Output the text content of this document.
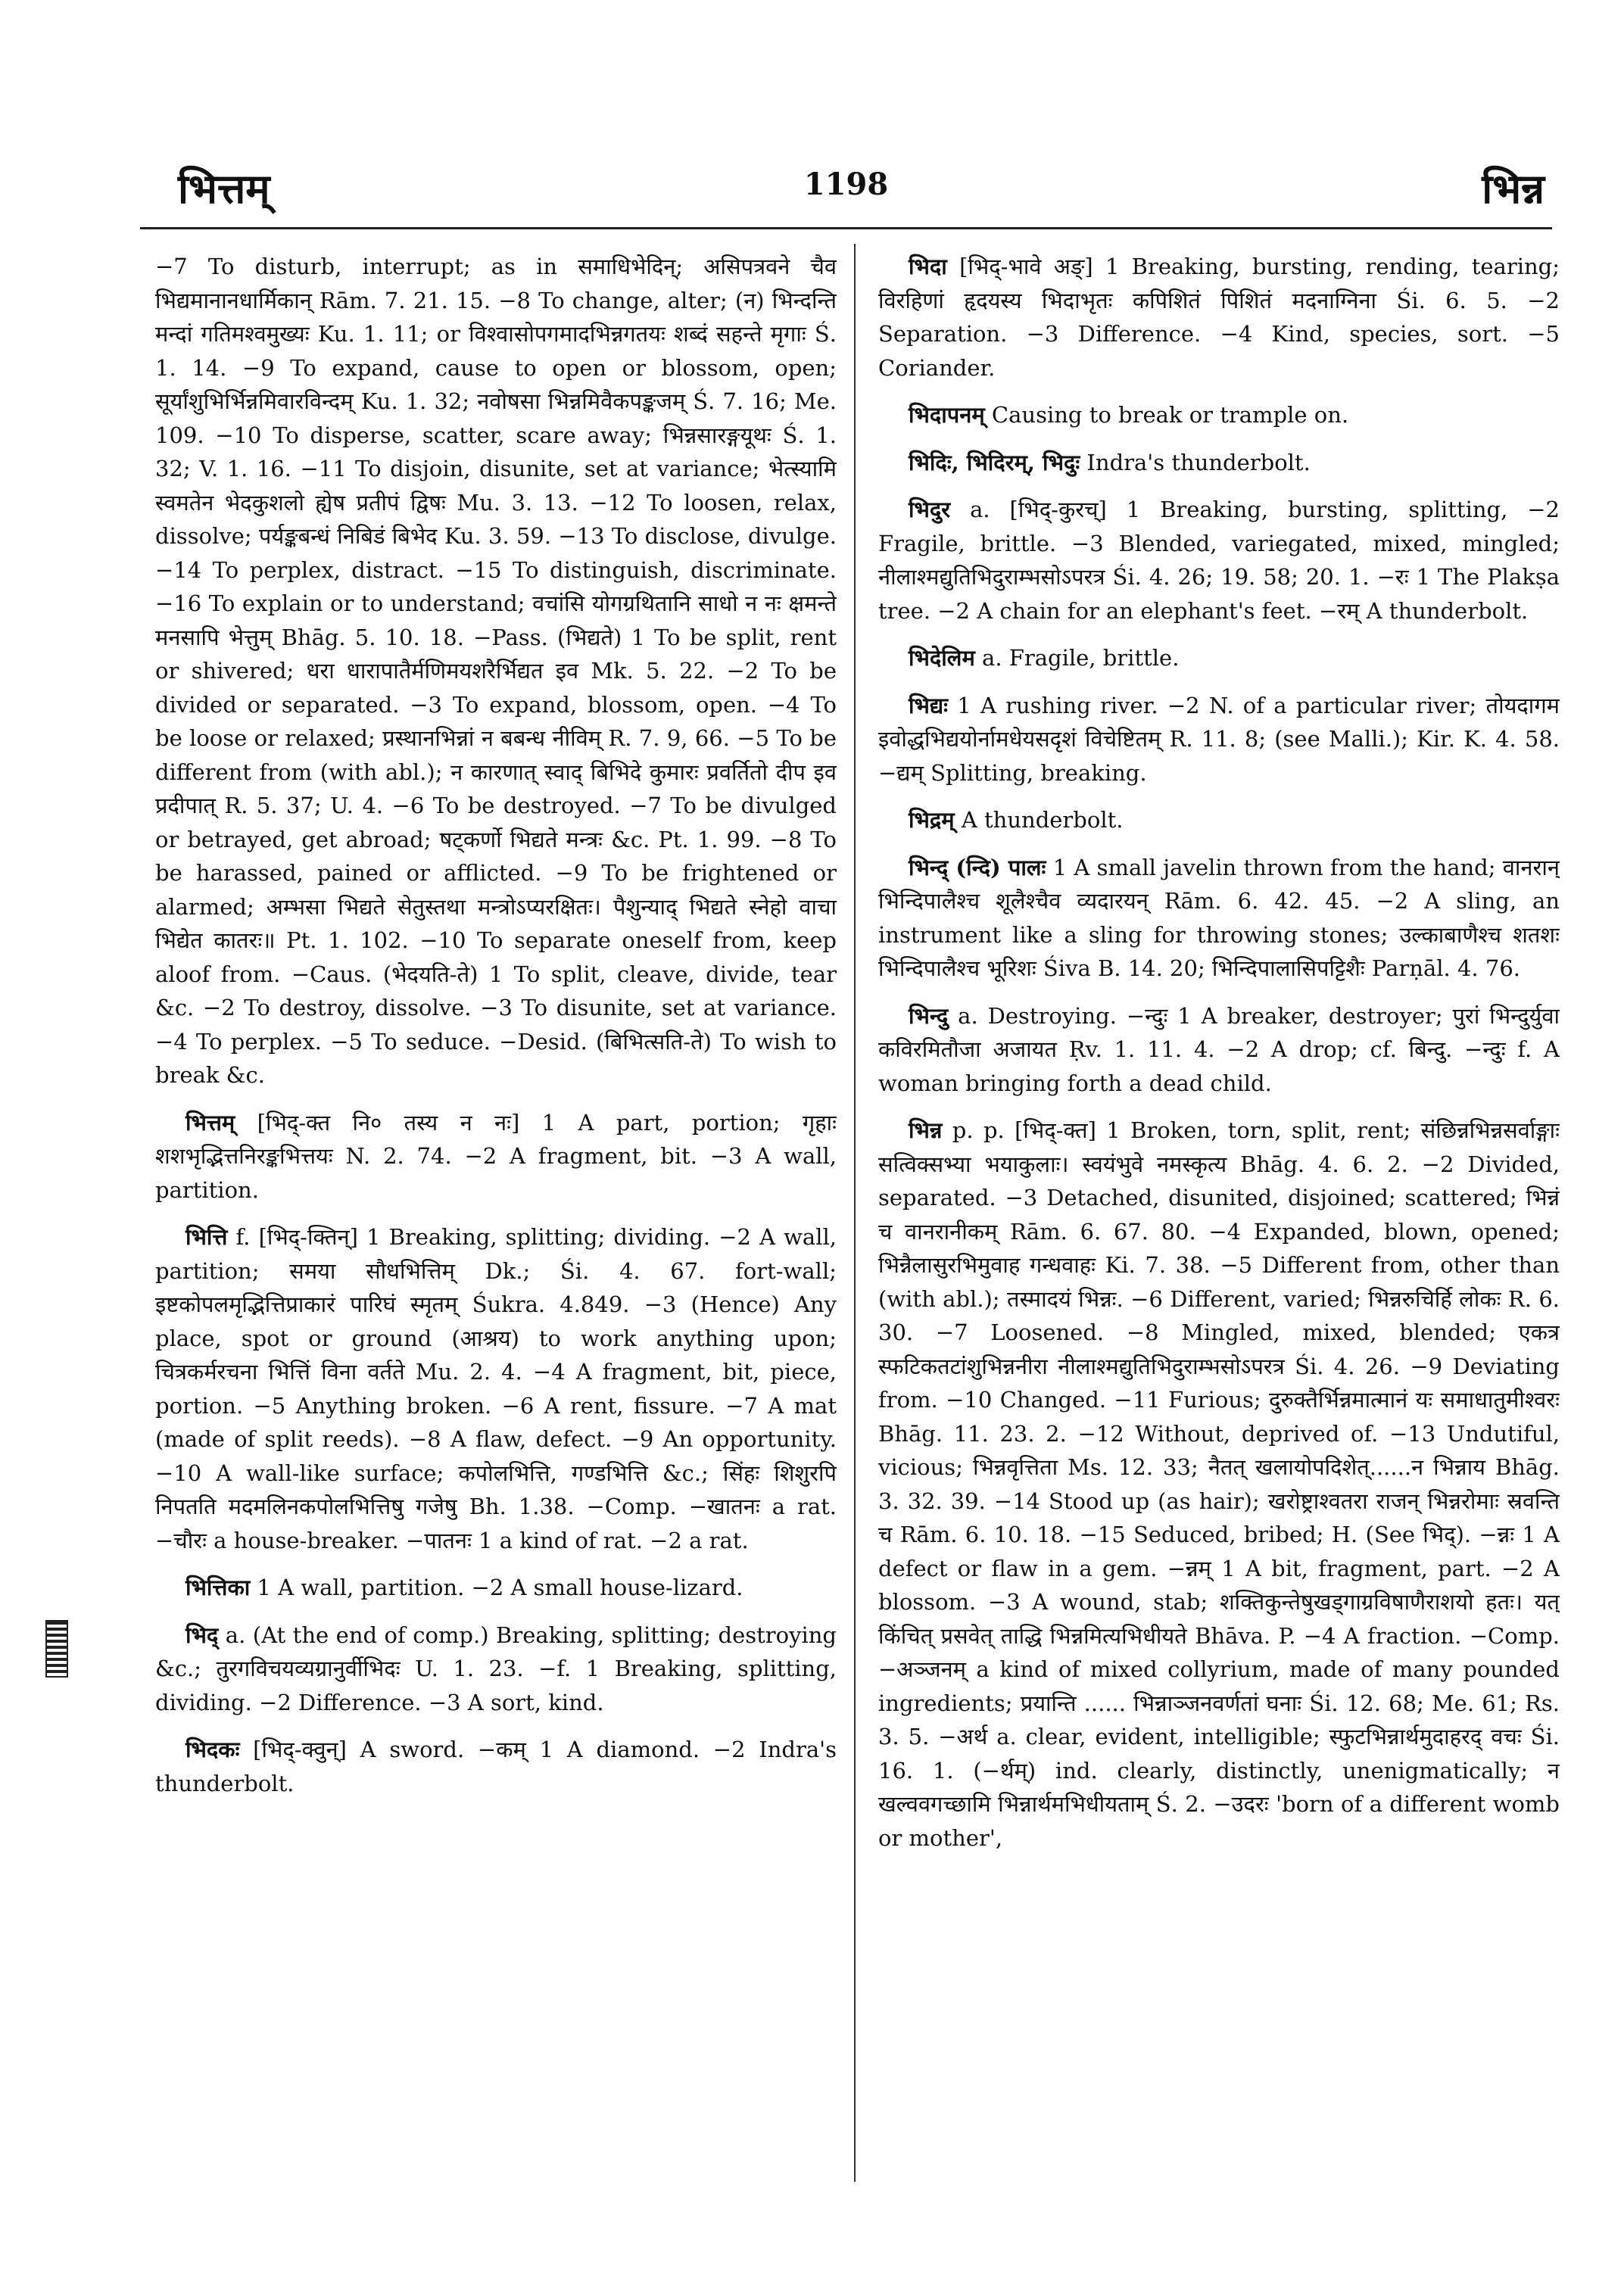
भित्तम्	1198	भिन्न

−7 To disturb, interrupt; as in समाधिभेदिन्; असिपत्रवने चैव भिद्यमानानधार्मिकान् Rām. 7. 21. 15. −8 To change, alter; (न) भिन्दन्ति मन्दां गतिमश्वमुख्यः Ku. 1. 11; or विश्वासोपगमादभिन्नगतयः शब्दं सहन्ते मृगाः Ś. 1. 14. −9 To expand, cause to open or blossom, open; सूर्यांशुभिर्भिन्नमिवारविन्दम् Ku. 1. 32; नवोषसा भिन्नमिवैकपङ्कजम् Ś. 7. 16; Me. 109. −10 To disperse, scatter, scare away; भिन्नसारङ्गयूथः Ś. 1. 32; V. 1. 16. −11 To disjoin, disunite, set at variance; भेत्स्यामि स्वमतेन भेदकुशलो ह्येष प्रतीपं द्विषः Mu. 3. 13. −12 To loosen, relax, dissolve; पर्यङ्कबन्धं निबिडं बिभेद Ku. 3. 59. −13 To disclose, divulge. −14 To perplex, distract. −15 To distinguish, discriminate. −16 To explain or to understand; वचांसि योगग्रथितानि साधो न नः क्षमन्ते मनसापि भेत्तुम् Bhāg. 5. 10. 18. −Pass. (भिद्यते) 1 To be split, rent or shivered; धरा धारापातैर्मणिमयशरैर्भिद्यत इव Mk. 5. 22. −2 To be divided or separated. −3 To expand, blossom, open. −4 To be loose or relaxed; प्रस्थानभिन्नां न बबन्ध नीविम् R. 7. 9, 66. −5 To be different from (with abl.); न कारणात् स्वाद् बिभिदे कुमारः प्रवर्तितो दीप इव प्रदीपात् R. 5. 37; U. 4. −6 To be destroyed. −7 To be divulged or betrayed, get abroad; षट्कर्णो भिद्यते मन्त्रः &c. Pt. 1. 99. −8 To be harassed, pained or afflicted. −9 To be frightened or alarmed; अम्भसा भिद्यते सेतुस्तथा मन्त्रोऽप्यरक्षितः। पैशुन्याद् भिद्यते स्नेहो वाचा भिद्येत कातरः॥ Pt. 1. 102. −10 To separate oneself from, keep aloof from. −Caus. (भेदयति-ते) 1 To split, cleave, divide, tear &c. −2 To destroy, dissolve. −3 To disunite, set at variance. −4 To perplex. −5 To seduce. −Desid. (बिभित्सति-ते) To wish to break &c.

भित्तम् [भिद्-क्त नि० तस्य न नः] 1 A part, portion; गृहाः शशभृद्भित्तनिरङ्कभित्तयः N. 2. 74. −2 A fragment, bit. −3 A wall, partition.

भित्ति f. [भिद्-क्तिन्] 1 Breaking, splitting; dividing. −2 A wall, partition; समया सौधभित्तिम् Dk.; Śi. 4. 67. fort-wall; इष्टकोपलमृद्भित्तिप्राकारं पारिघं स्मृतम् Śukra. 4.849. −3 (Hence) Any place, spot or ground (आश्रय) to work anything upon; चित्रकर्मरचना भित्तिं विना वर्तते Mu. 2. 4. −4 A fragment, bit, piece, portion. −5 Anything broken. −6 A rent, fissure. −7 A mat (made of split reeds). −8 A flaw, defect. −9 An opportunity. −10 A wall-like surface; कपोलभित्ति, गण्डभित्ति &c.; सिंहः शिशुरपि निपतति मदमलिनकपोलभित्तिषु गजेषु Bh. 1.38. −Comp. −खातनः a rat. −चौरः a house-breaker. −पातनः 1 a kind of rat. −2 a rat.

भित्तिका 1 A wall, partition. −2 A small house-lizard.

भिद् a. (At the end of comp.) Breaking, splitting; destroying &c.; तुरगविचयव्यग्रानुर्वीभिदः U. 1. 23. −f. 1 Breaking, splitting, dividing. −2 Difference. −3 A sort, kind.

भिदकः [भिद्-क्वुन्] A sword. −कम् 1 A diamond. −2 Indra's thunderbolt.

भिदा [भिद्-भावे अङ्] 1 Breaking, bursting, rending, tearing; विरहिणां हृदयस्य भिदाभृतः कपिशितं पिशितं मदनाग्निना Śi. 6. 5. −2 Separation. −3 Difference. −4 Kind, species, sort. −5 Coriander.

भिदापनम् Causing to break or trample on.

भिदिः, भिदिरम्, भिदुः Indra's thunderbolt.

भिदुर a. [भिद्-कुरच्] 1 Breaking, bursting, splitting, −2 Fragile, brittle. −3 Blended, variegated, mixed, mingled; नीलाश्मद्युतिभिदुराम्भसोऽपरत्र Śi. 4. 26; 19. 58; 20. 1. −रः 1 The Plakṣa tree. −2 A chain for an elephant's feet. −रम् A thunderbolt.

भिदेलिम a. Fragile, brittle.

भिद्यः 1 A rushing river. −2 N. of a particular river; तोयदागम इवोद्धभिद्ययोर्नामधेयसदृशं विचेष्टितम् R. 11. 8; (see Malli.); Kir. K. 4. 58. −द्यम् Splitting, breaking.

भिद्रम् A thunderbolt.

भिन्द् (न्दि) पालः 1 A small javelin thrown from the hand; वानरान् भिन्दिपालैश्च शूलैश्चैव व्यदारयन् Rām. 6. 42. 45. −2 A sling, an instrument like a sling for throwing stones; उल्काबाणैश्च शतशः भिन्दिपालैश्च भूरिशः Śiva B. 14. 20; भिन्दिपालासिपट्टिशैः Parṇāl. 4. 76.

भिन्दु a. Destroying. −न्दुः 1 A breaker, destroyer; पुरां भिन्दुर्युवा कविरमितौजा अजायत Ṛv. 1. 11. 4. −2 A drop; cf. बिन्दु. −न्दुः f. A woman bringing forth a dead child.

भिन्न p. p. [भिद्-क्त] 1 Broken, torn, split, rent; संछिन्नभिन्नसर्वाङ्गाः सत्विक्सभ्या भयाकुलाः। स्वयंभुवे नमस्कृत्य Bhāg. 4. 6. 2. −2 Divided, separated. −3 Detached, disunited, disjoined; scattered; भिन्नं च वानरानीकम् Rām. 6. 67. 80. −4 Expanded, blown, opened; भिन्नैलासुरभिमुवाह गन्धवाहः Ki. 7. 38. −5 Different from, other than (with abl.); तस्मादयं भिन्नः. −6 Different, varied; भिन्नरुचिर्हि लोकः R. 6. 30. −7 Loosened. −8 Mingled, mixed, blended; एकत्र स्फटिकतटांशुभिन्ननीरा नीलाश्मद्युतिभिदुराम्भसोऽपरत्र Śi. 4. 26. −9 Deviating from. −10 Changed. −11 Furious; दुरुक्तैर्भिन्नमात्मानं यः समाधातुमीश्वरः Bhāg. 11. 23. 2. −12 Without, deprived of. −13 Undutiful, vicious; भिन्नवृत्तिता Ms. 12. 33; नैतत् खलायोपदिशेत्......न भिन्नाय Bhāg. 3. 32. 39. −14 Stood up (as hair); खरोष्ट्राश्वतरा राजन् भिन्नरोमाः स्रवन्ति च Rām. 6. 10. 18. −15 Seduced, bribed; H. (See भिद्). −न्नः 1 A defect or flaw in a gem. −न्नम् 1 A bit, fragment, part. −2 A blossom. −3 A wound, stab; शक्तिकुन्तेषुखड्गाग्रविषाणैराशयो हतः। यत् किंचित् प्रसवेत् ताद्धि भिन्नमित्यभिधीयते Bhāva. P. −4 A fraction. −Comp. −अञ्जनम् a kind of mixed collyrium, made of many pounded ingredients; प्रयान्ति ...... भिन्नाञ्जनवर्णतां घनाः Śi. 12. 68; Me. 61; Rs. 3. 5. −अर्थ a. clear, evident, intelligible; स्फुटभिन्नार्थमुदाहरद् वचः Śi. 16. 1. (−र्थम्) ind. clearly, distinctly, unenigmatically; न खल्ववगच्छामि भिन्नार्थमभिधीयताम् Ś. 2. −उदरः 'born of a different womb or mother',
